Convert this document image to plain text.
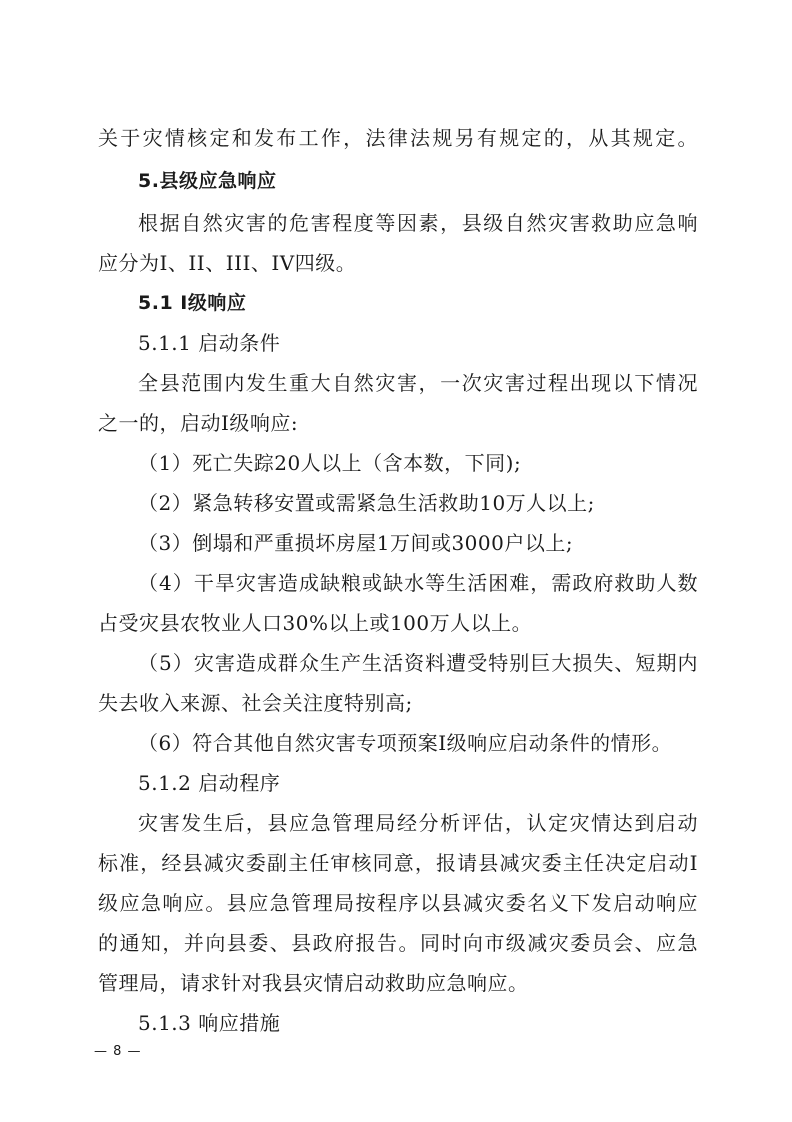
关于灾情核定和发布工作，法律法规另有规定的，从其规定。
5.县级应急响应
根据自然灾害的危害程度等因素，县级自然灾害救助应急响
应分为Ⅰ、II、III、IV四级。
5.1 Ⅰ级响应
5.1.1 启动条件
全县范围内发生重大自然灾害，一次灾害过程出现以下情况
之一的，启动Ⅰ级响应:
（1）死亡失踪20人以上（含本数，下同);
（2）紧急转移安置或需紧急生活救助10万人以上;
（3）倒塌和严重损坏房屋1万间或3000户以上;
（4）干旱灾害造成缺粮或缺水等生活困难，需政府救助人数
占受灾县农牧业人口30%以上或100万人以上。
（5）灾害造成群众生产生活资料遭受特别巨大损失、短期内
失去收入来源、社会关注度特别高;
（6）符合其他自然灾害专项预案Ⅰ级响应启动条件的情形。
5.1.2 启动程序
灾害发生后，县应急管理局经分析评估，认定灾情达到启动
标准，经县减灾委副主任审核同意，报请县减灾委主任决定启动Ⅰ
级应急响应。县应急管理局按程序以县减灾委名义下发启动响应
的通知，并向县委、县政府报告。同时向市级减灾委员会、应急
管理局，请求针对我县灾情启动救助应急响应。
5.1.3 响应措施
— 8 —
